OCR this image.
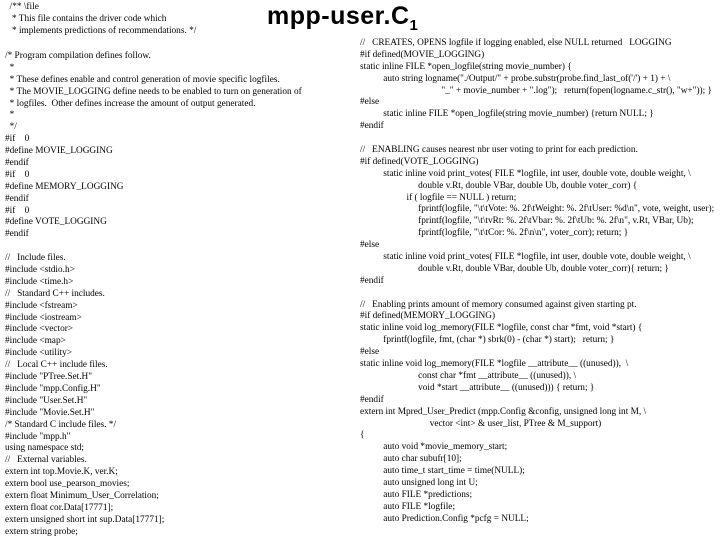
mpp-$user.C_1$
/** \file
* This file contains the driver code which
* implements predictions of recommendations. */
/* Program compilation defines follow.
*
* These defines enable and control generation of movie specific logfiles.
* The MOVIE_LOGGING define needs to be enabled to turn on generation of
* logfiles.  Other defines increase the amount of output generated.
*
*/
#if    0
#define MOVIE_LOGGING
#endif
#if    0
#define MEMORY_LOGGING
#endif
#if    0
#define VOTE_LOGGING
#endif
//   Include files.
#include <stdio.h>
#include <time.h>
//   Standard C++ includes.
#include <fstream>
#include <iostream>
#include <vector>
#include <map>
#include <utility>
//   Local C++ include files.
#include "PTree.Set.H"
#include "mpp.Config.H"
#include "User.Set.H"
#include "Movie.Set.H"
/* Standard C include files. */
#include "mpp.h"
using namespace std;
//   External variables.
extern int top.Movie.K, ver.K;
extern bool use_pearson_movies;
extern float Minimum_User_Correlation;
extern float cor.Data[17771];
extern unsigned short int sup.Data[17771];
extern string probe;
//   CREATES, OPENS logfile if logging enabled, else NULL returned   LOGGING
#if defined(MOVIE_LOGGING)
static inline FILE *open_logfile(string movie_number) {
auto string logname("./Output/" + probe.substr(probe.find_last_of('/') + 1) + \
"_" + movie_number + ".log");   return(fopen(logname.c_str(), "w+")); }
#else
static inline FILE *open_logfile(string movie_number) {return NULL; }
#endif
//   ENABLING causes nearest nbr user voting to print for each prediction.
#if defined(VOTE_LOGGING)
static inline void print_votes( FILE *logfile, int user, double vote, double weight, \
double v.Rt, double VBar, double Ub, double voter_corr) {
if ( logfile == NULL ) return;
fprintf(logfile, "\t\tVote: %. 2f\tWeight: %. 2f\tUser: %d\n", vote, weight, user);
fprintf(logfile, "\t\tvRt: %. 2f\tVbar: %. 2f\tUb: %. 2f\n", v.Rt, VBar, Ub);
fprintf(logfile, "\t\tCor: %. 2f\n\n", voter_corr); return; }
#else
static inline void print_votes( FILE *logfile, int user, double vote, double weight, \
double v.Rt, double VBar, double Ub, double voter_corr){ return; }
#endif
//   Enabling prints amount of memory consumed against given starting pt.
#if defined(MEMORY_LOGGING)
static inline void log_memory(FILE *logfile, const char *fmt, void *start) {
fprintf(logfile, fmt, (char *) sbrk(0) - (char *) start);   return; }
#else
static inline void log_memory(FILE *logfile __attribute__ ((unused)),  \
const char *fmt __attribute__ ((unused)), \
void *start __attribute__ ((unused))) { return; }
#endif
extern int Mpred_User_Predict (mpp.Config &config, unsigned long int M, \
vector <int> & user_list, PTree & M_support)
{
auto void *movie_memory_start;
auto char subufr[10];
auto time_t start_time = time(NULL);
auto unsigned long int U;
auto FILE *predictions;
auto FILE *logfile;
auto Prediction.Config *pcfg = NULL;
